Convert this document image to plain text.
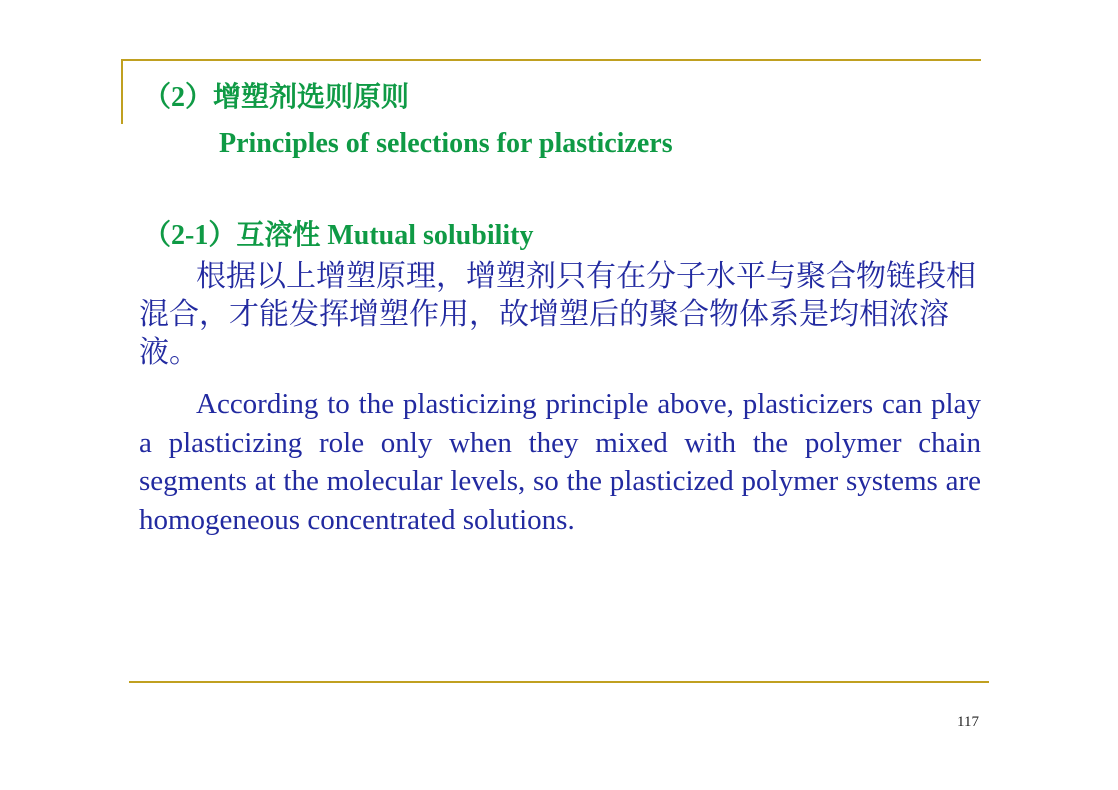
（2）增塑剂选则原则
Principles of selections for plasticizers
（2-1）互溶性 Mutual solubility
根据以上增塑原理，增塑剂只有在分子水平与聚合物链段相混合，才能发挥增塑作用，故增塑后的聚合物体系是均相浓溶液。
According to the plasticizing principle above, plasticizers can play a plasticizing role only when they mixed with the polymer chain segments at the molecular levels, so the plasticized polymer systems are homogeneous concentrated solutions.
117
